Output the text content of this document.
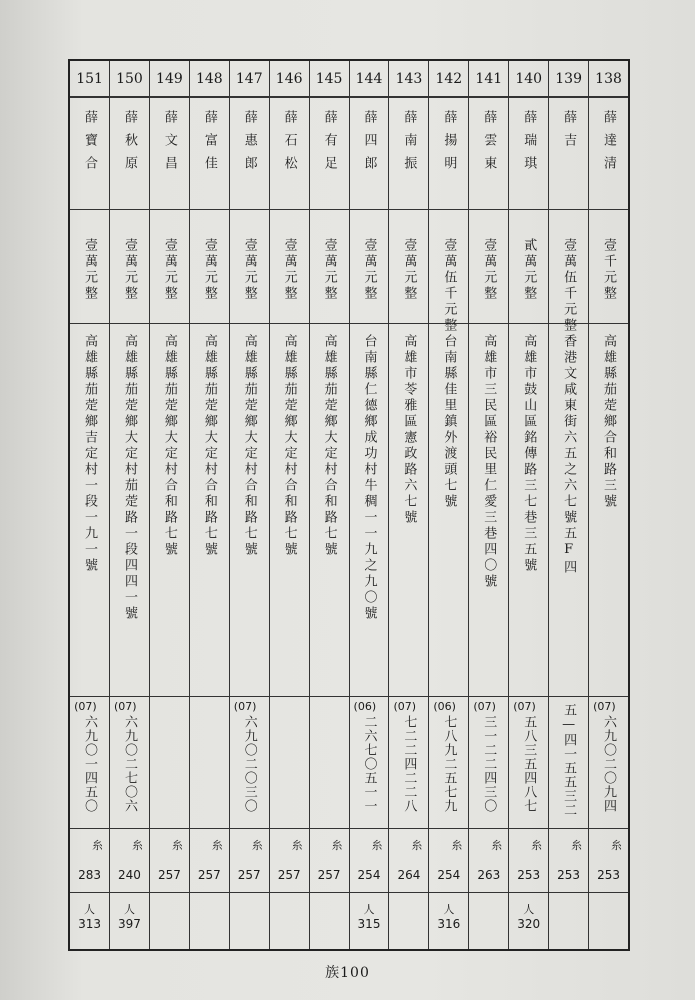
138
薛達清
壹千元整
高雄縣茄萣鄉合和路三號
(07)
六九〇二〇九四
糸
253
139
薛吉
壹萬伍千元整
香港文咸東街六五之六七號五F四
五—四一五五三二
糸
253
140
薛瑞琪
貳萬元整
高雄市鼓山區銘傳路三七巷三五號
(07)
五八三五四八七
糸
253
人
320
141
薛雲東
壹萬元整
高雄市三民區裕民里仁愛三巷四〇號
(07)
三一二二四三〇
糸
263
142
薛揚明
壹萬伍千元整
台南縣佳里鎮外渡頭七號
(06)
七八九二五七九
糸
254
人
316
143
薛南振
壹萬元整
高雄市苓雅區憲政路六七號
(07)
七二二四二二八
糸
264
144
薛四郎
壹萬元整
台南縣仁德鄉成功村牛稠一一九之九〇號
(06)
二六七〇五一一
糸
254
人
315
145
薛有足
壹萬元整
高雄縣茄萣鄉大定村合和路七號
糸
257
146
薛石松
壹萬元整
高雄縣茄萣鄉大定村合和路七號
糸
257
147
薛惠郎
壹萬元整
高雄縣茄萣鄉大定村合和路七號
(07)
六九〇二〇三〇
糸
257
148
薛富佳
壹萬元整
高雄縣茄萣鄉大定村合和路七號
糸
257
149
薛文昌
壹萬元整
高雄縣茄萣鄉大定村合和路七號
糸
257
150
薛秋原
壹萬元整
高雄縣茄萣鄉大定村茄萣路一段四四一號
(07)
六九〇二七〇六
糸
240
人
397
151
薛寶合
壹萬元整
高雄縣茄萣鄉吉定村一段一九一號
(07)
六九〇一四五〇
糸
283
人
313
族100
